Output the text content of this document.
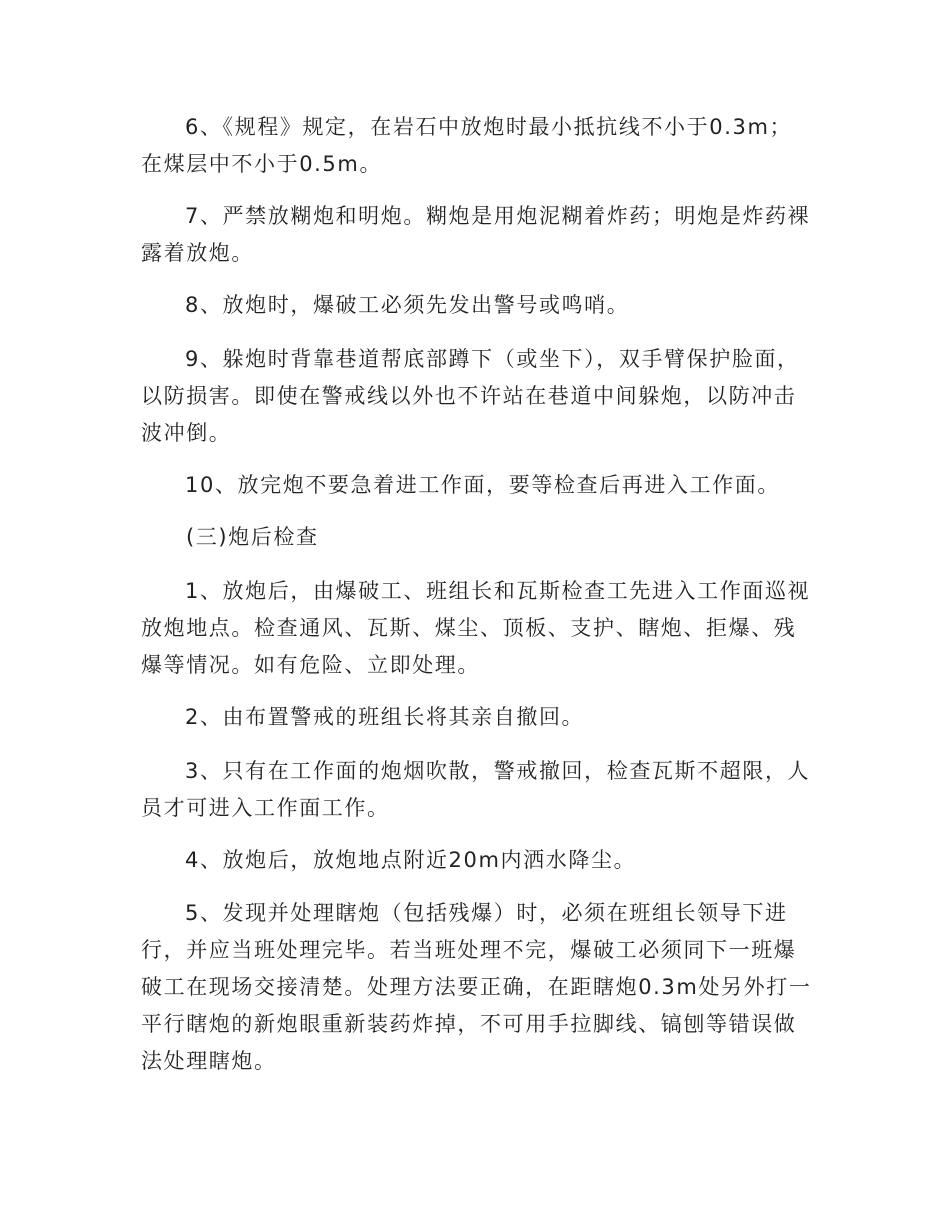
6、《规程》规定，在岩石中放炮时最小抵抗线不小于0.3m；在煤层中不小于0.5m。

7、严禁放糊炮和明炮。糊炮是用炮泥糊着炸药；明炮是炸药裸露着放炮。

8、放炮时，爆破工必须先发出警号或鸣哨。

9、躲炮时背靠巷道帮底部蹲下（或坐下），双手臂保护脸面，以防损害。即使在警戒线以外也不许站在巷道中间躲炮，以防冲击波冲倒。

10、放完炮不要急着进工作面，要等检查后再进入工作面。

(三)炮后检查

1、放炮后，由爆破工、班组长和瓦斯检查工先进入工作面巡视放炮地点。检查通风、瓦斯、煤尘、顶板、支护、瞎炮、拒爆、残爆等情况。如有危险、立即处理。

2、由布置警戒的班组长将其亲自撤回。

3、只有在工作面的炮烟吹散，警戒撤回，检查瓦斯不超限，人员才可进入工作面工作。

4、放炮后，放炮地点附近20m内洒水降尘。

5、发现并处理瞎炮（包括残爆）时，必须在班组长领导下进行，并应当班处理完毕。若当班处理不完，爆破工必须同下一班爆破工在现场交接清楚。处理方法要正确，在距瞎炮0.3m处另外打一平行瞎炮的新炮眼重新装药炸掉，不可用手拉脚线、镐刨等错误做法处理瞎炮。
